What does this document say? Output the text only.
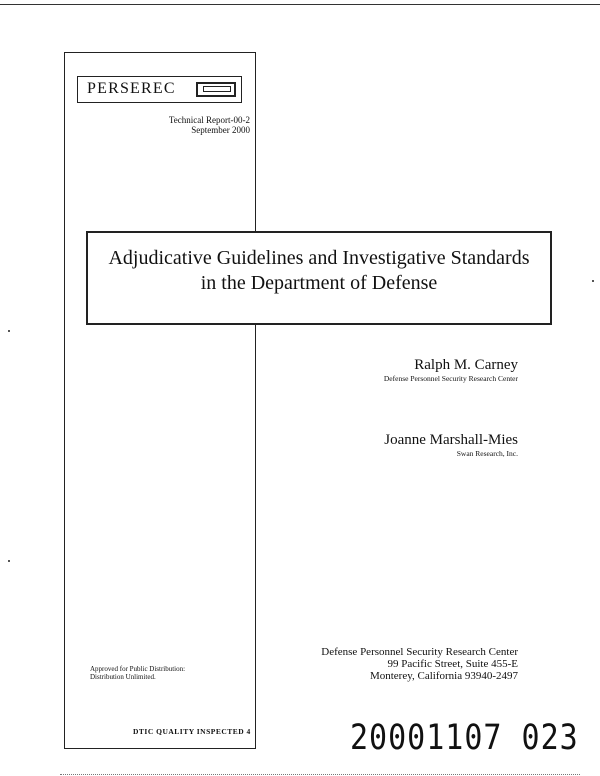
PERSEREC
Technical Report-00-2
September 2000
Adjudicative Guidelines and Investigative Standards
in the Department of Defense
Ralph M. Carney
Defense Personnel Security Research Center
Joanne Marshall-Mies
Swan Research, Inc.
Approved for Public Distribution:
Distribution Unlimited.
Defense Personnel Security Research Center
99 Pacific Street, Suite 455-E
Monterey, California 93940-2497
DTIC QUALITY INSPECTED 4	20001107 023
